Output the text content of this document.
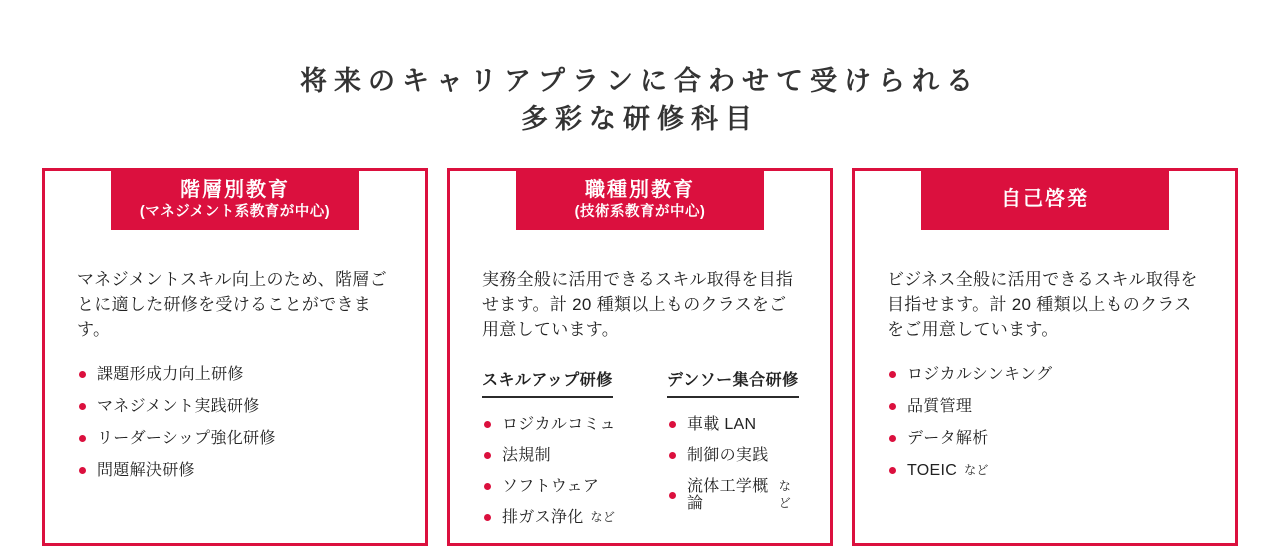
将来のキャリアプランに合わせて受けられる
多彩な研修科目
階層別教育
(マネジメント系教育が中心)

マネジメントスキル向上のため、階層ごとに適した研修を受けることができます。

課題形成力向上研修
マネジメント実践研修
リーダーシップ強化研修
問題解決研修
職種別教育
(技術系教育が中心)

実務全般に活用できるスキル取得を目指せます。計 20 種類以上ものクラスをご用意しています。

スキルアップ研修
ロジカルコミュ
法規制
ソフトウェア
排ガス浄化 など
デンソー集合研修
車載 LAN
制御の実践
流体工学概論
など
自己啓発

ビジネス全般に活用できるスキル取得を目指せます。計 20 種類以上ものクラスをご用意しています。

ロジカルシンキング
品質管理
データ解析
TOEIC など
